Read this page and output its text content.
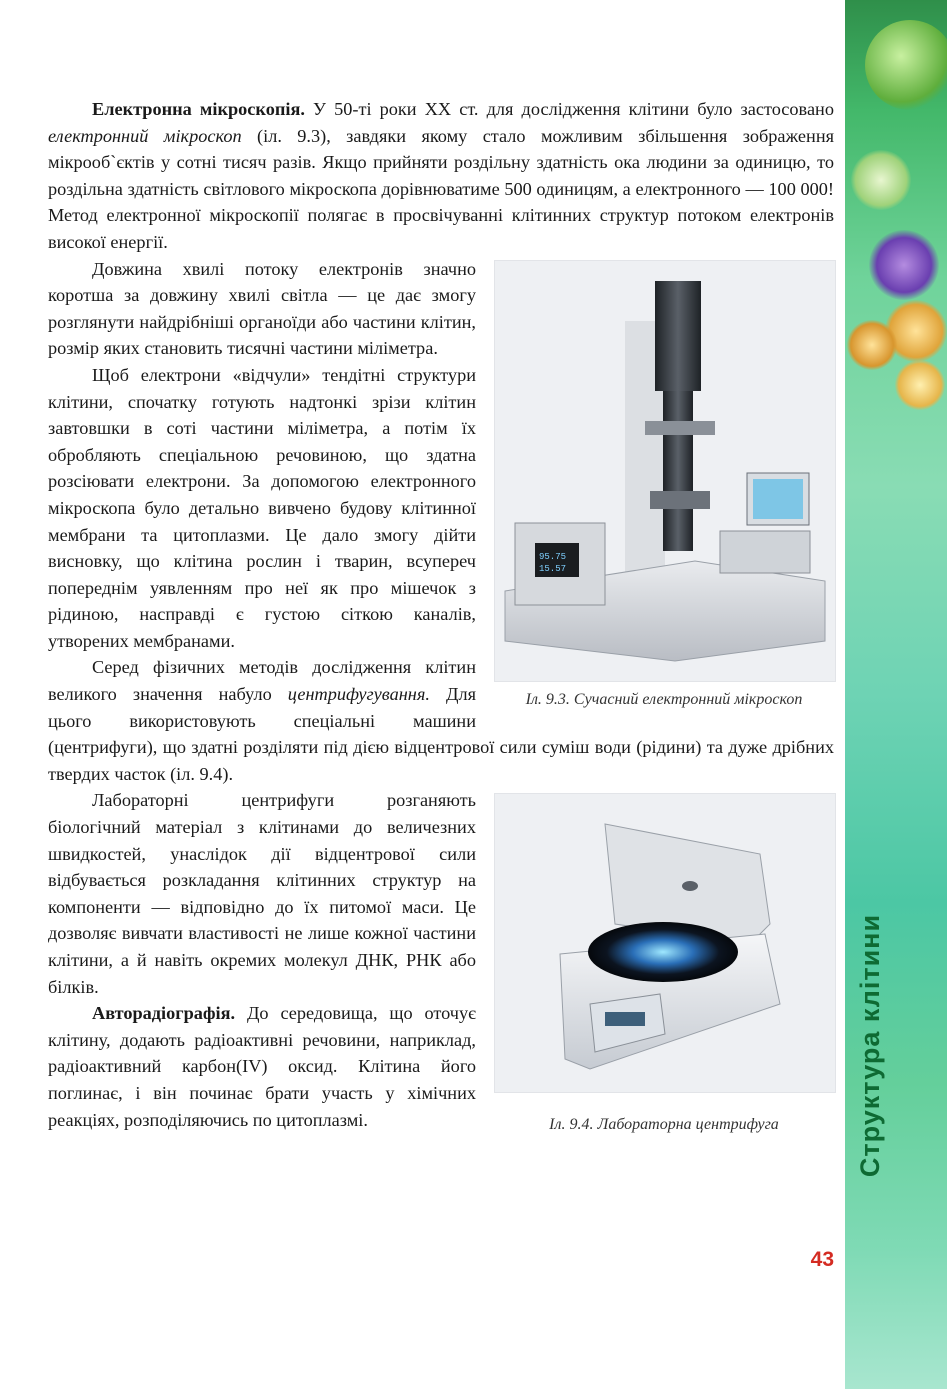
Структура клітини

Електронна мікроскопія. У 50-ті роки XX ст. для дослідження клітини було застосовано електронний мікроскоп (іл. 9.3), завдяки якому стало можливим збільшення зображення мікрооб`єктів у сотні тисяч разів. Якщо прийняти роздільну здатність ока людини за одиницю, то роздільна здатність світлового мікроскопа дорівнюватиме 500 одиницям, а електронного — 100 000! Метод електронної мікроскопії полягає в просвічуванні клітинних структур потоком електронів високої енергії.

95.75
15.57
Іл. 9.3. Сучасний електронний мікроскоп

Довжина хвилі потоку електронів значно коротша за довжину хвилі світла — це дає змогу розглянути найдрібніші органоїди або частини клітин, розмір яких становить тисячні частини міліметра.

Щоб електрони «відчули» тендітні структури клітини, спочатку готують надтонкі зрізи клітин завтовшки в соті частини міліметра, а потім їх обробляють спеціальною речовиною, що здатна розсіювати електрони. За допомогою електронного мікроскопа було детально вивчено будову клітинної мембрани та цитоплазми. Це дало змогу дійти висновку, що клітина рослин і тварин, всупереч попереднім уявленням про неї як про мішечок з рідиною, насправді є густою сіткою каналів, утворених мембранами.

Серед фізичних методів дослідження клітин великого значення набуло центрифугування. Для цього використовують спеціальні машини (центрифуги), що здатні розділяти під дією відцентрової сили суміш води (рідини) та дуже дрібних твердих часток (іл. 9.4).

Іл. 9.4. Лабораторна центрифуга

Лабораторні центрифуги розганяють біологічний матеріал з клітинами до величезних швидкостей, унаслідок дії відцентрової сили відбувається розкладання клітинних структур на компоненти — відповідно до їх питомої маси. Це дозволяє вивчати властивості не лише кожної частини клітини, а й навіть окремих молекул ДНК, РНК або білків.

Авторадіографія. До середовища, що оточує клітину, додають радіоактивні речовини, наприклад, радіоактивний карбон(IV) оксид. Клітина його поглинає, і він починає брати участь у хімічних реакціях, розподіляючись по цитоплазмі.

43
